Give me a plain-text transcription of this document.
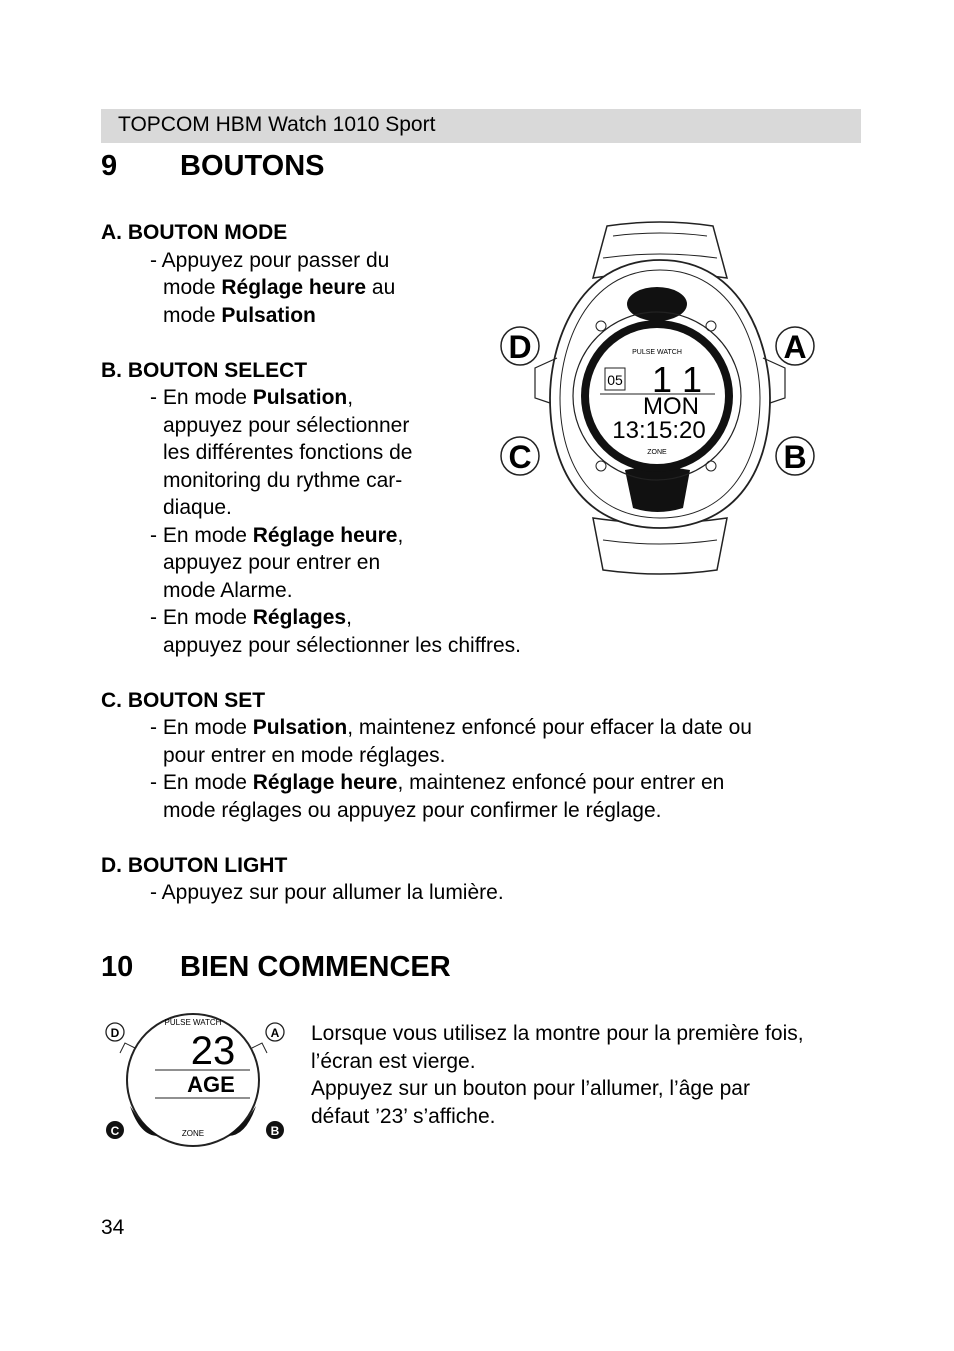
TOPCOM HBM Watch 1010 Sport
9 BOUTONS
A. BOUTON MODE
- Appuyez pour passer du
mode Réglage heure au
mode Pulsation
B. BOUTON SELECT
- En mode Pulsation,
appuyez pour sélectionner
les différentes fonctions de
monitoring du rythme car-
diaque.
- En mode Réglage heure,
appuyez pour entrer en
mode Alarme.
- En mode Réglages,
appuyez pour sélectionner les chiffres.
C. BOUTON SET
- En mode Pulsation, maintenez enfoncé pour effacer la date ou
pour entrer en mode réglages.
- En mode Réglage heure, maintenez enfoncé pour entrer en
mode réglages ou appuyez pour confirmer le réglage.
D. BOUTON LIGHT
- Appuyez sur pour allumer la lumière.
10 BIEN COMMENCER
Lorsque vous utilisez la montre pour la première fois,
l’écran est vierge.
Appuyez sur un bouton pour l’allumer, l’âge par
défaut ’23’ s’affiche.
PULSE WATCH
ZONE
05 1 1
MON
13:15:20
D	A
C	B
PULSE WATCH
23
AGE
ZONE
D	A
C	B
34
